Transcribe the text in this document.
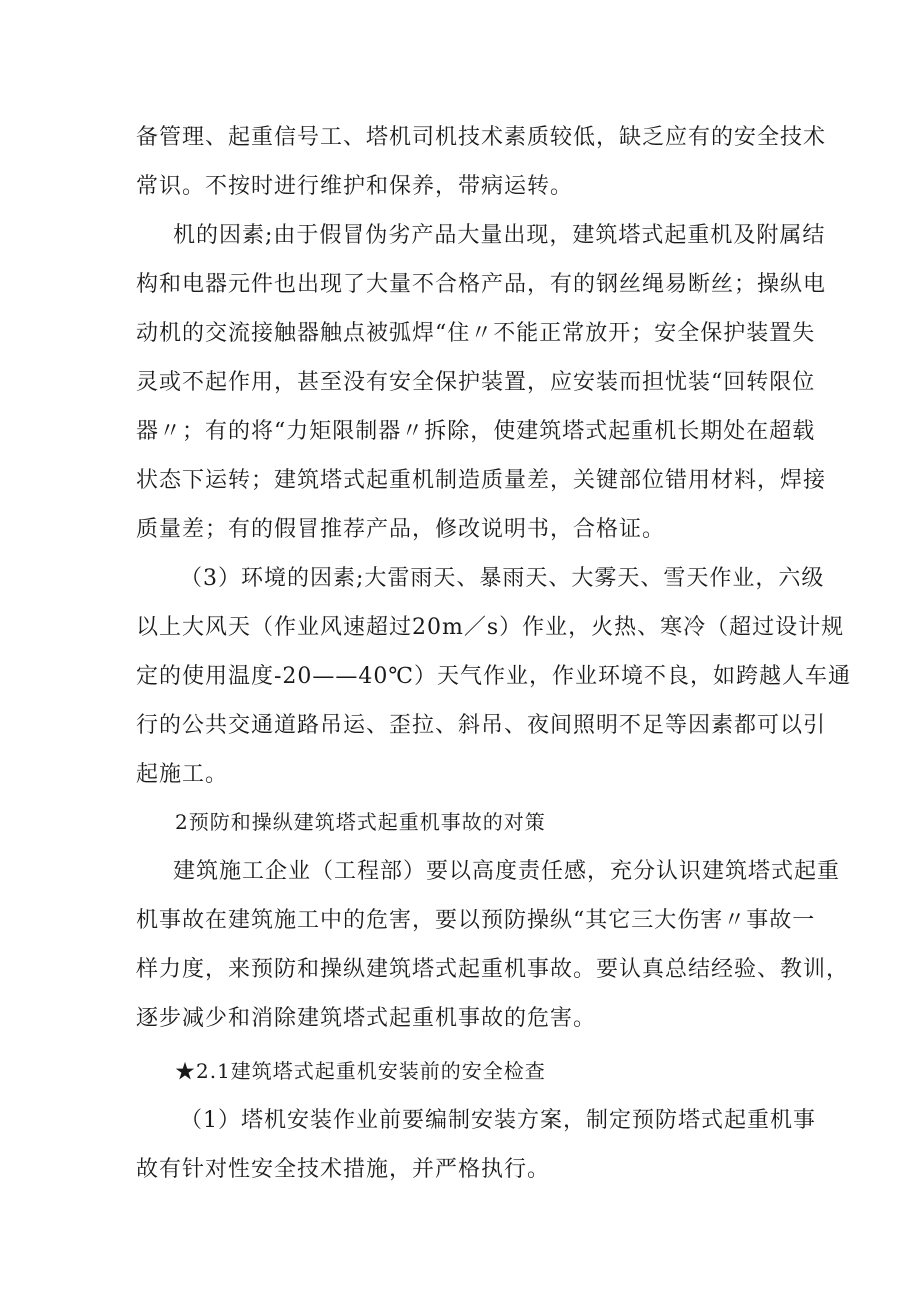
备管理、起重信号工、塔机司机技术素质较低，缺乏应有的安全技术
常识。不按时进行维护和保养，带病运转。
机的因素;由于假冒伪劣产品大量出现，建筑塔式起重机及附属结
构和电器元件也出现了大量不合格产品，有的钢丝绳易断丝；操纵电
动机的交流接触器触点被弧焊“住〃不能正常放开；安全保护装置失
灵或不起作用，甚至没有安全保护装置，应安装而担忧装“回转限位
器〃；有的将“力矩限制器〃拆除，使建筑塔式起重机长期处在超载
状态下运转；建筑塔式起重机制造质量差，关键部位错用材料，焊接
质量差；有的假冒推荐产品，修改说明书，合格证。
（3）环境的因素;大雷雨天、暴雨天、大雾天、雪天作业，六级
以上大风天（作业风速超过20m／s）作业，火热、寒冷（超过设计规
定的使用温度-20——40℃）天气作业，作业环境不良，如跨越人车通
行的公共交通道路吊运、歪拉、斜吊、夜间照明不足等因素都可以引
起施工。
2预防和操纵建筑塔式起重机事故的对策
建筑施工企业（工程部）要以高度责任感，充分认识建筑塔式起重
机事故在建筑施工中的危害，要以预防操纵“其它三大伤害〃事故一
样力度，来预防和操纵建筑塔式起重机事故。要认真总结经验、教训，
逐步减少和消除建筑塔式起重机事故的危害。
★2.1建筑塔式起重机安装前的安全检查
（1）塔机安装作业前要编制安装方案，制定预防塔式起重机事
故有针对性安全技术措施，并严格执行。
